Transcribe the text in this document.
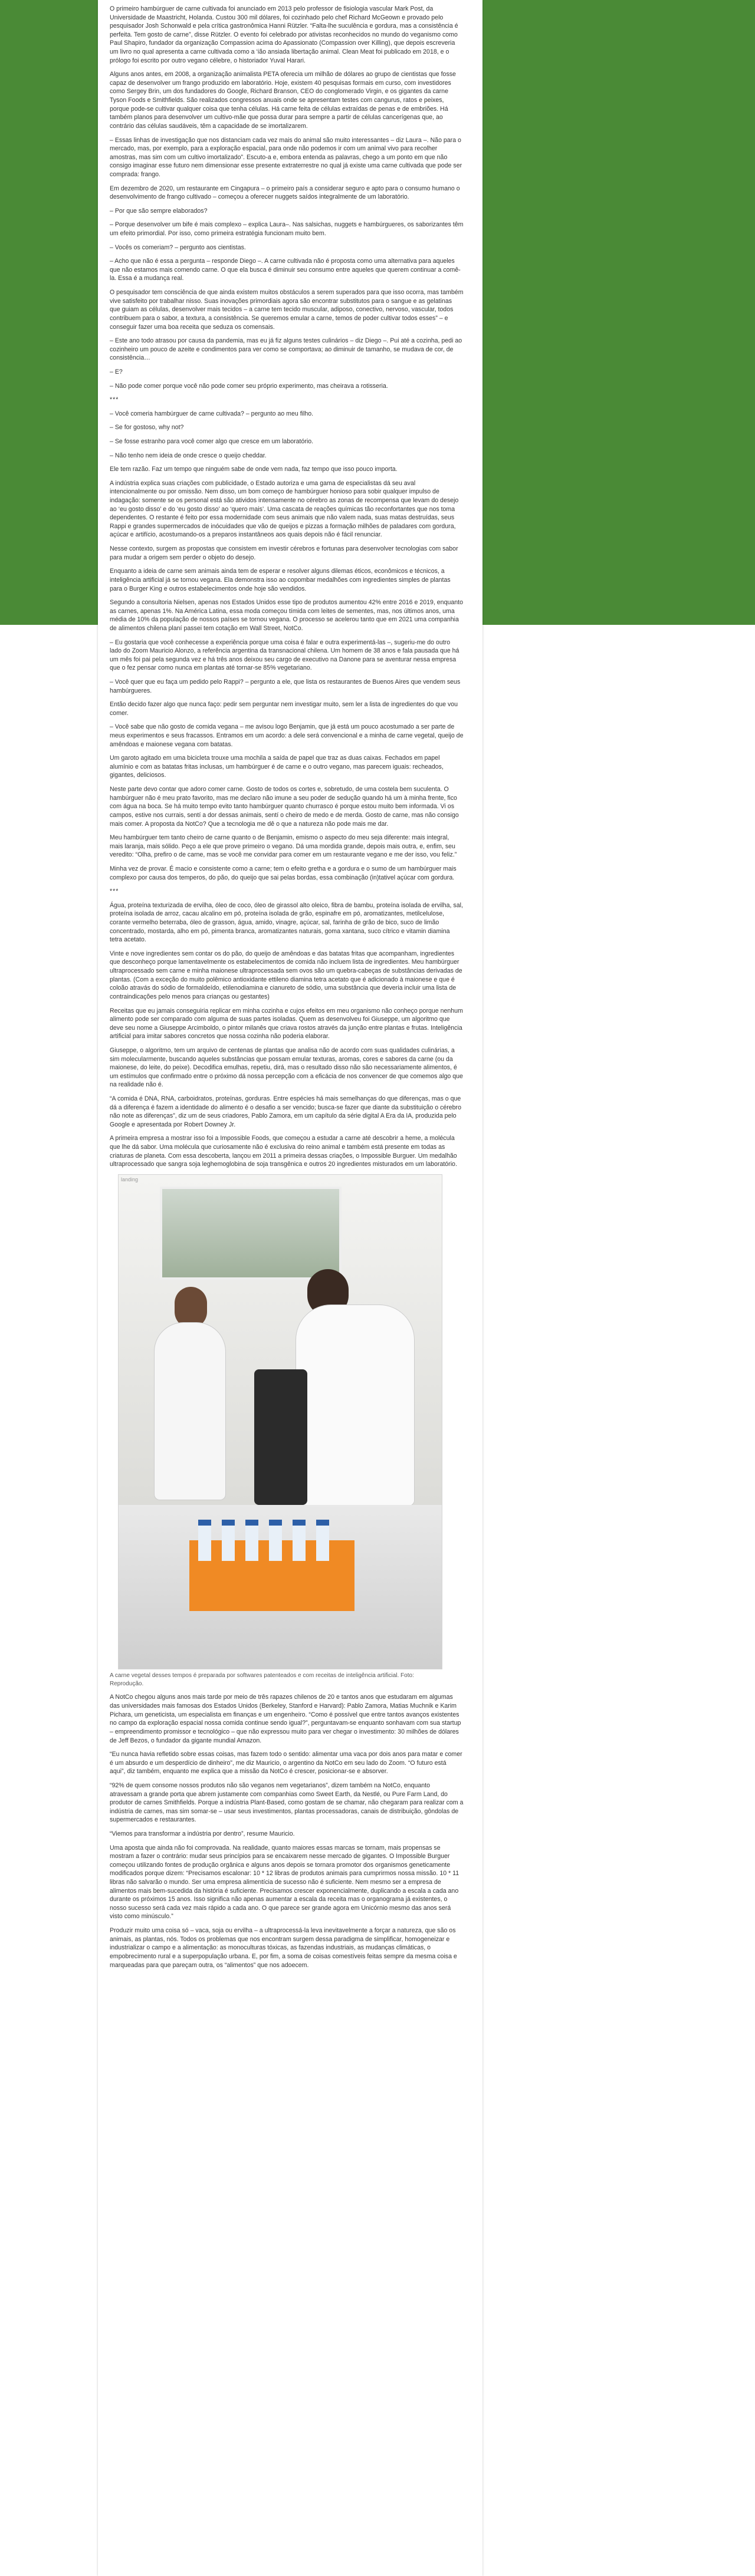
O primeiro hambúrguer de carne cultivada foi anunciado em 2013 pelo professor de fisiologia vascular Mark Post, da Universidade de Maastricht, Holanda. Custou 300 mil dólares, foi cozinhado pelo chef Richard McGeown e provado pelo pesquisador Josh Schonwald e pela crítica gastronômica Hanni Rützler. “Falta-lhe suculência e gordura, mas a consistência é perfeita. Tem gosto de carne”, disse Rützler. O evento foi celebrado por ativistas reconhecidos no mundo do veganismo como Paul Shapiro, fundador da organização Compassion acima do Apassionato (Compassion over Killing), que depois escreveria um livro no qual apresenta a carne cultivada como a ‘ião ansiada libertação animal. Clean Meat foi publicado em 2018, e o prólogo foi escrito por outro vegano célebre, o historiador Yuval Harari.

Alguns anos antes, em 2008, a organização animalista PETA oferecia um milhão de dólares ao grupo de cientistas que fosse capaz de desenvolver um frango produzido em laboratório. Hoje, existem 40 pesquisas formais em curso, com investidores como Sergey Brin, um dos fundadores do Google, Richard Branson, CEO do conglomerado Virgin, e os gigantes da carne Tyson Foods e Smithfields. São realizados congressos anuais onde se apresentam testes com cangurus, ratos e peixes, porque pode-se cultivar qualquer coisa que tenha células. Há carne feita de células extraídas de penas e de embriões. Há também planos para desenvolver um cultivo-mãe que possa durar para sempre a partir de células cancerígenas que, ao contrário das células saudáveis, têm a capacidade de se imortalizarem.

– Essas linhas de investigação que nos distanciam cada vez mais do animal são muito interessantes – diz Laura –. Não para o mercado, mas, por exemplo, para a exploração espacial, para onde não podemos ir com um animal vivo para recolher amostras, mas sim com um cultivo imortalizado”. Escuto-a e, embora entenda as palavras, chego a um ponto em que não consigo imaginar esse futuro nem dimensionar esse presente extraterrestre no qual já existe uma carne cultivada que pode ser comprada: frango.

Em dezembro de 2020, um restaurante em Cingapura – o primeiro país a considerar seguro e apto para o consumo humano o desenvolvimento de frango cultivado – começou a oferecer nuggets saídos integralmente de um laboratório.

– Por que são sempre elaborados?

– Porque desenvolver um bife é mais complexo – explica Laura–. Nas salsichas, nuggets e hambúrgueres, os saborizantes têm um efeito primordial. Por isso, como primeira estratégia funcionam muito bem.

– Vocês os comeriam? – pergunto aos cientistas.

– Acho que não é essa a pergunta – responde Diego –. A carne cultivada não é proposta como uma alternativa para aqueles que não estamos mais comendo carne. O que ela busca é diminuir seu consumo entre aqueles que querem continuar a comê-la. Essa é a mudança real.

O pesquisador tem consciência de que ainda existem muitos obstáculos a serem superados para que isso ocorra, mas também vive satisfeito por trabalhar nisso. Suas inovações primordiais agora são encontrar substitutos para o sangue e as gelatinas que guiam as células, desenvolver mais tecidos – a carne tem tecido muscular, adiposo, conectivo, nervoso, vascular, todos contribuem para o sabor, a textura, a consistência. Se queremos emular a carne, temos de poder cultivar todos esses” – e conseguir fazer uma boa receita que seduza os comensais.

– Este ano todo atrasou por causa da pandemia, mas eu já fiz alguns testes culinários – diz Diego –. Pui até a cozinha, pedi ao cozinheiro um pouco de azeite e condimentos para ver como se comportava; ao diminuir de tamanho, se mudava de cor, de consistência…

– E?

– Não pode comer porque você não pode comer seu próprio experimento, mas cheirava a rotisseria.

***

– Você comeria hambúrguer de carne cultivada? – pergunto ao meu filho.

– Se for gostoso, why not?

– Se fosse estranho para você comer algo que cresce em um laboratório.

– Não tenho nem ideia de onde cresce o queijo cheddar.

Ele tem razão. Faz um tempo que ninguém sabe de onde vem nada, faz tempo que isso pouco importa.

A indústria explica suas criações com publicidade, o Estado autoriza e uma gama de especialistas dá seu aval intencionalmente ou por omissão. Nem disso, um bom começo de hambúrguer honioso para sobir qualquer impulso de indagação: somente se os personal está são atividos intensamente no cérebro as zonas de recompensa que levam do desejo ao ‘eu gosto disso’ e do ‘eu gosto disso’ ao ‘quero mais’. Uma cascata de reações químicas tão reconfortantes que nos toma dependentes. O restante é feito por essa modernidade com seus animais que não valem nada, suas matas destruídas, seus Rappi e grandes supermercados de inócuidades que vão de queijos e pizzas a formação milhões de paladares com gordura, açúcar e artifício, acostumando-os a preparos instantâneos aos quais depois não é fácil renunciar.

Nesse contexto, surgem as propostas que consistem em investir cérebros e fortunas para desenvolver tecnologias com sabor para mudar a origem sem perder o objeto do desejo.

Enquanto a ideia de carne sem animais ainda tem de esperar e resolver alguns dilemas éticos, econômicos e técnicos, a inteligência artificial já se tornou vegana. Ela demonstra isso ao copombar medalhões com ingredientes simples de plantas para o Burger King e outros estabelecimentos onde hoje são vendidos.

Segundo a consultoria Nielsen, apenas nos Estados Unidos esse tipo de produtos aumentou 42% entre 2016 e 2019, enquanto as carnes, apenas 1%. Na América Latina, essa moda começou tímida com leites de sementes, mas, nos últimos anos, uma média de 10% da população de nossos países se tornou vegana. O processo se acelerou tanto que em 2021 uma companhia de alimentos chilena planí passei tem cotação em Wall Street, NotCo.

– Eu gostaria que você conhecesse a experiência porque uma coisa é falar e outra experimentá-las –, sugeriu-me do outro lado do Zoom Mauricio Alonzo, a referência argentina da transnacional chilena. Um homem de 38 anos e fala pausada que há um mês foi pai pela segunda vez e há três anos deixou seu cargo de executivo na Danone para se aventurar nessa empresa que o fez pensar como nunca em plantas até tornar-se 85% vegetariano.

– Você quer que eu faça um pedido pelo Rappi? – pergunto a ele, que lista os restaurantes de Buenos Aires que vendem seus hambúrgueres.

Então decido fazer algo que nunca faço: pedir sem perguntar nem investigar muito, sem ler a lista de ingredientes do que vou comer.

– Você sabe que não gosto de comida vegana – me avisou logo Benjamin, que já está um pouco acostumado a ser parte de meus experimentos e seus fracassos. Entramos em um acordo: a dele será convencional e a minha de carne vegetal, queijo de amêndoas e maionese vegana com batatas.

Um garoto agitado em uma bicicleta trouxe uma mochila a saída de papel que traz as duas caixas. Fechados em papel alumínio e com as batatas fritas inclusas, um hambúrguer é de carne e o outro vegano, mas parecem iguais: recheados, gigantes, deliciosos.

Neste parte devo contar que adoro comer carne. Gosto de todos os cortes e, sobretudo, de uma costela bem suculenta. O hambúrguer não é meu prato favorito, mas me declaro não imune a seu poder de sedução quando há um à minha frente, fico com água na boca. Se há muito tempo evito tanto hambúrguer quanto churrasco é porque estou muito bem informada. Vi os campos, estive nos currais, sentí a dor dessas animais, sentí o cheiro de medo e de merda. Gosto de carne, mas não consigo mais comer. A proposta da NotCo? Que a tecnologia me dê o que a natureza não pode mais me dar.

Meu hambúrguer tem tanto cheiro de carne quanto o de Benjamin, emismo o aspecto do meu seja diferente: mais integral, mais laranja, mais sólido. Peço a ele que prove primeiro o vegano. Dá uma mordida grande, depois mais outra, e, enfim, seu veredito: “Olha, prefiro o de carne, mas se você me convidar para comer em um restaurante vegano e me der isso, vou feliz.”

Minha vez de provar. É macio e consistente como a carne; tem o efeito gretha e a gordura e o sumo de um hambúrguer mais complexo por causa dos temperos, do pão, do queijo que sai pelas bordas, essa combinação (in)tativel açúcar com gordura.

***

Água, proteína texturizada de ervilha, óleo de coco, óleo de girassol alto oleico, fibra de bambu, proteína isolada de ervilha, sal, proteína isolada de arroz, cacau alcalino em pó, proteína isolada de grão, espinafre em pó, aromatizantes, metilcelulose, corante vermelho beterraba, óleo de grasson, água, amido, vinagre, açúcar, sal, farinha de grão de bico, suco de limão concentrado, mostarda, alho em pó, pimenta branca, aromatizantes naturais, goma xantana, suco cítrico e vitamin diamina tetra acetato.

Vinte e nove ingredientes sem contar os do pão, do queijo de amêndoas e das batatas fritas que acompanham, ingredientes que desconheço porque lamentavelmente os estabelecimentos de comida não incluem lista de ingredientes. Meu hambúrguer ultraprocessado sem carne e minha maionese ultraprocessada sem ovos são um quebra-cabeças de substâncias derivadas de plantas. (Com a exceção do muito polêmico antioxidante ettileno diamina tetra acetato que é adicionado à maionese e que é coloão atravás do sódio de formaldeído, etilenodiamina e cianureto de sódio, uma substância que deveria incluir uma lista de contraindicações pelo menos para crianças ou gestantes)

Receitas que eu jamais conseguiria replicar em minha cozinha e cujos efeitos em meu organismo não conheço porque nenhum alimento pode ser comparado com alguma de suas partes isoladas. Quem as desenvolveu foi Giuseppe, um algoritmo que deve seu nome a Giuseppe Arcimboldo, o pintor milanês que criava rostos através da junção entre plantas e frutas. Inteligência artificial para imitar sabores concretos que nossa cozinha não poderia elaborar.

Giuseppe, o algoritmo, tem um arquivo de centenas de plantas que analisa não de acordo com suas qualidades culinárias, a sim molecularmente, buscando aqueles substâncias que possam emular texturas, aromas, cores e sabores da carne (ou da maionese, do leite, do peixe). Decodifica emulhas, repetiu, dirá, mas o resultado disso não são necessariamente alimentos, é um estímulos que confirmado entre o próximo dá nossa percepção com a eficácia de nos convencer de que comemos algo que na realidade não é.

“A comida é DNA, RNA, carboidratos, proteínas, gorduras. Entre espécies há mais semelhanças do que diferenças, mas o que dá a diferença é fazem a identidade do alimento é o desafio a ser vencido; busca-se fazer que diante da substituição o cérebro não note as diferenças”, diz um de seus criadores, Pablo Zamora, em um capítulo da série digital A Era da IA, produzida pelo Google e apresentada por Robert Downey Jr.

A primeira empresa a mostrar isso foi a Impossible Foods, que começou a estudar a carne até descobrir a heme, a molécula que lhe dá sabor. Uma molécula que curiosamente não é exclusiva do reino animal e também está presente em todas as criaturas de planeta. Com essa descoberta, lançou em 2011 a primeira dessas criações, o Impossible Burguer. Um medalhão ultraprocessado que sangra soja leghemoglobina de soja transgênica e outros 20 ingredientes misturados em um laboratório.

landing

A carne vegetal desses tempos é preparada por softwares patenteados e com receitas de inteligência artificial. Foto: Reprodução.

A NotCo chegou alguns anos mais tarde por meio de três rapazes chilenos de 20 e tantos anos que estudaram em algumas das universidades mais famosas dos Estados Unidos (Berkeley, Stanford e Harvard): Pablo Zamora, Matias Muchnik e Karim Pichara, um geneticista, um especialista em finanças e um engenheiro. “Como é possível que entre tantos avanços existentes no campo da exploração espacial nossa comida continue sendo igual?”, perguntavam-se enquanto sonhavam com sua startup – empreendimento promissor e tecnológico – que não expressou muito para ver chegar o investimento: 30 milhões de dólares de Jeff Bezos, o fundador da gigante mundial Amazon.

“Eu nunca havia refletido sobre essas coisas, mas fazem todo o sentido: alimentar uma vaca por dois anos para matar e comer é um absurdo e um desperdício de dinheiro”, me diz Mauricio, o argentino da NotCo em seu lado do Zoom. “O futuro está aqui”, diz também, enquanto me explica que a missão da NotCo é crescer, posicionar-se e absorver.

“92% de quem consome nossos produtos não são veganos nem vegetarianos”, dizem também na NotCo, enquanto atravessam a grande porta que abrem justamente com companhias como Sweet Earth, da Nestlé, ou Pure Farm Land, do produtor de carnes Smithfields. Porque a indústria Plant-Based, como gostam de se chamar, não chegaram para realizar com a indústria de carnes, mas sim somar-se – usar seus investimentos, plantas processadoras, canais de distribuição, gôndolas de supermercados e restaurantes.

“Viemos para transformar a indústria por dentro”, resume Mauricio.

Uma aposta que ainda não foi comprovada. Na realidade, quanto maiores essas marcas se tornam, mais propensas se mostram a fazer o contrário: mudar seus princípios para se encaixarem nesse mercado de gigantes. O Impossible Burguer começou utilizando fontes de produção orgânica e alguns anos depois se tornara promotor dos organismos geneticamente modificados porque dizem: “Precisamos escalonar: 10 * 12 libras de produtos animais para cumprirmos nossa missão. 10 * 11 libras não salvarão o mundo. Ser uma empresa alimentícia de sucesso não é suficiente. Nem mesmo ser a empresa de alimentos mais bem-sucedida da história é suficiente. Precisamos crescer exponencialmente, duplicando a escala a cada ano durante os próximos 15 anos. Isso significa não apenas aumentar a escala da receita mas o organograma já existentes, o nosso sucesso será cada vez mais rápido a cada ano. O que parece ser grande agora em Unicórnio mesmo das anos será visto como minúsculo.”

Produzir muito uma coisa só – vaca, soja ou ervilha – a ultraprocessá-la leva inevitavelmente a forçar a natureza, que são os animais, as plantas, nós. Todos os problemas que nos encontram surgem dessa paradigma de simplificar, homogeneizar e industrializar o campo e a alimentação: as monoculturas tóxicas, as fazendas industriais, as mudanças climáticas, o empobrecimento rural e a superpopulação urbana. E, por fim, a soma de coisas comestíveis feitas sempre da mesma coisa e marqueadas para que pareçam outra, os “alimentos” que nos adoecem.
